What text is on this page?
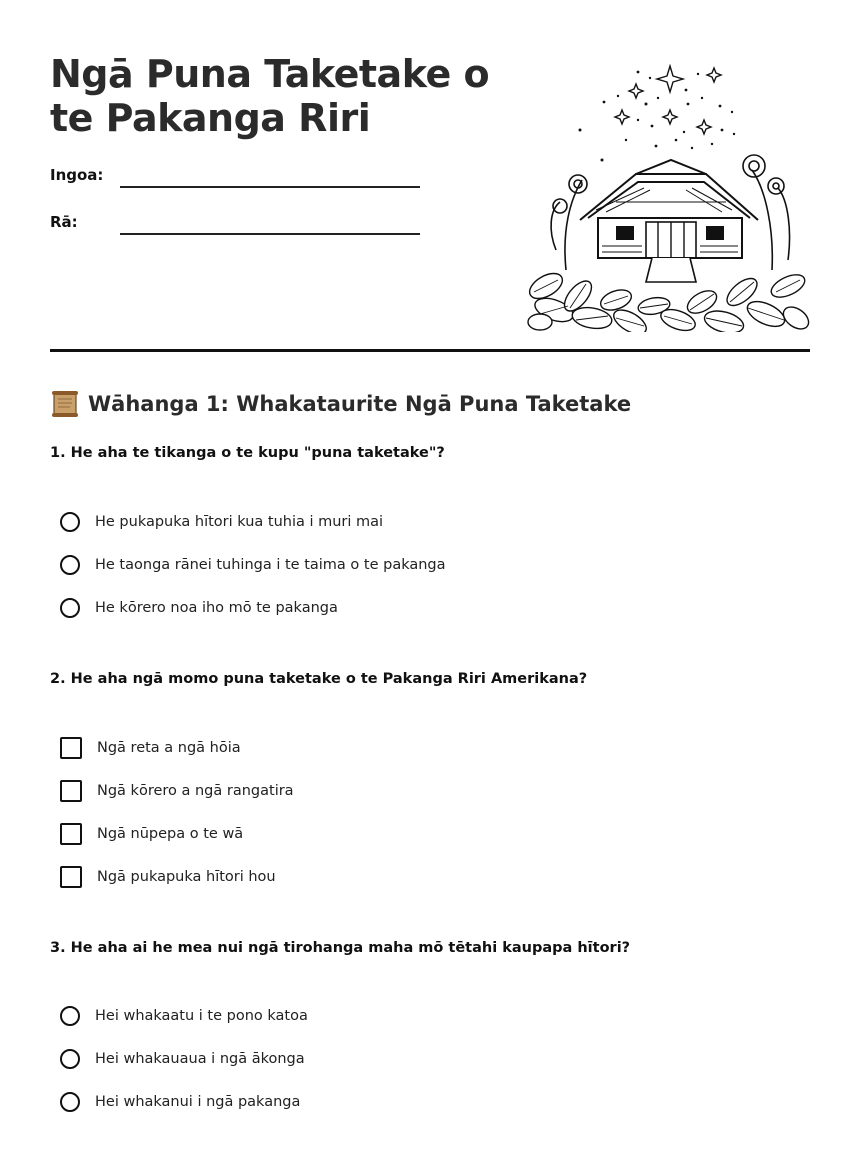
Ngā Puna Taketake o te Pakanga Riri
Ingoa:
Rā:
Wāhanga 1: Whakataurite Ngā Puna Taketake

1. He aha te tikanga o te kupu "puna taketake"?

He pukapuka hītori kua tuhia i muri mai
He taonga rānei tuhinga i te taima o te pakanga
He kōrero noa iho mō te pakanga

2. He aha ngā momo puna taketake o te Pakanga Riri Amerikana?

Ngā reta a ngā hōia
Ngā kōrero a ngā rangatira
Ngā nūpepa o te wā
Ngā pukapuka hītori hou

3. He aha ai he mea nui ngā tirohanga maha mō tētahi kaupapa hītori?

Hei whakaatu i te pono katoa
Hei whakauaua i ngā ākonga
Hei whakanui i ngā pakanga
